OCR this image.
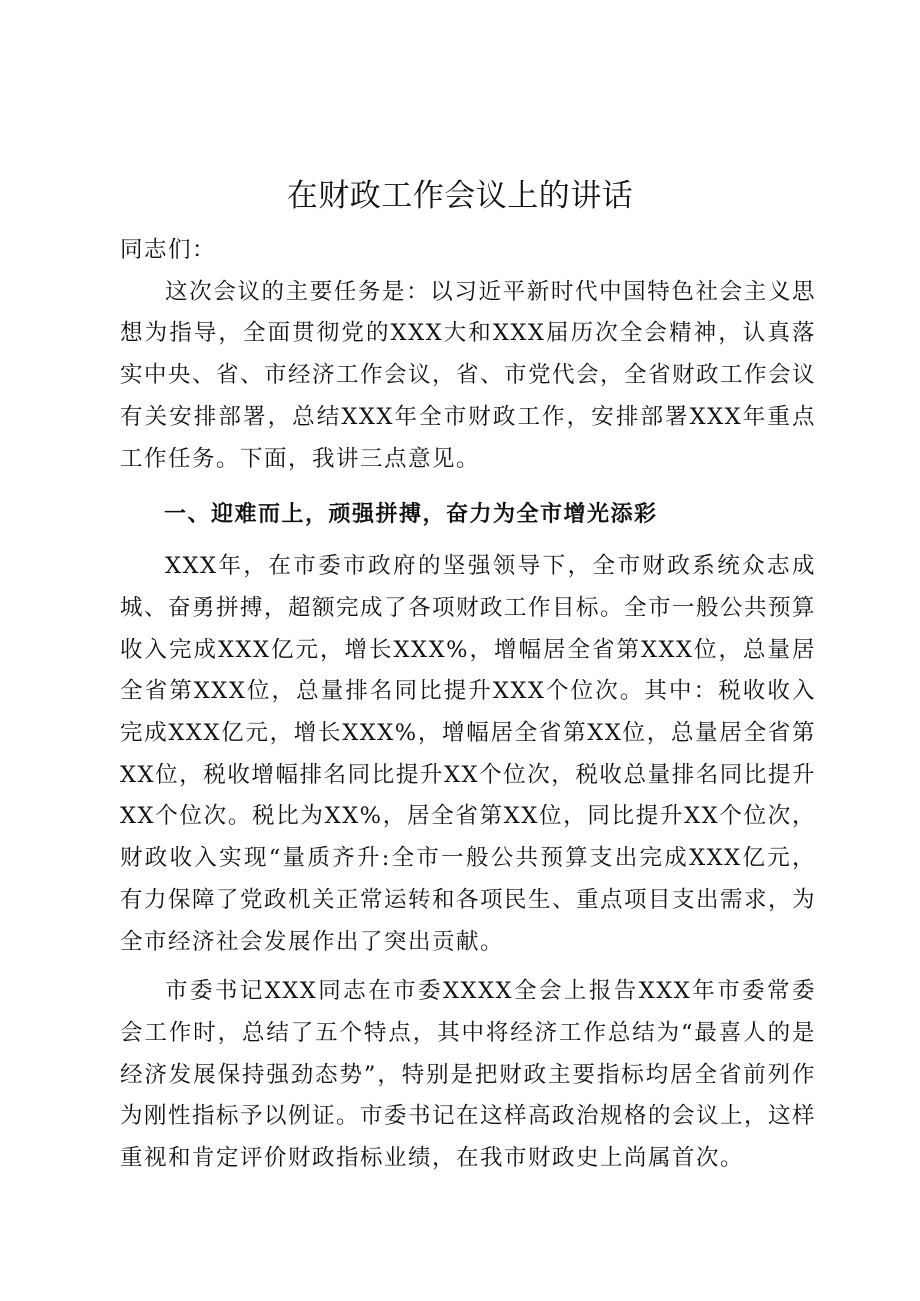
在财政工作会议上的讲话

同志们：

这次会议的主要任务是：以习近平新时代中国特色社会主义思想为指导，全面贯彻党的XXX大和XXX届历次全会精神，认真落实中央、省、市经济工作会议，省、市党代会，全省财政工作会议有关安排部署，总结XXX年全市财政工作，安排部署XXX年重点工作任务。下面，我讲三点意见。

一、迎难而上，顽强拼搏，奋力为全市增光添彩

XXX年，在市委市政府的坚强领导下，全市财政系统众志成城、奋勇拼搏，超额完成了各项财政工作目标。全市一般公共预算收入完成XXX亿元，增长XXX%，增幅居全省第XXX位，总量居全省第XXX位，总量排名同比提升XXX个位次。其中：税收收入完成XXX亿元，增长XXX%，增幅居全省第XX位，总量居全省第XX位，税收增幅排名同比提升XX个位次，税收总量排名同比提升XX个位次。税比为XX%，居全省第XX位，同比提升XX个位次，财政收入实现“量质齐升:全市一般公共预算支出完成XXX亿元，有力保障了党政机关正常运转和各项民生、重点项目支出需求，为全市经济社会发展作出了突出贡献。

市委书记XXX同志在市委XXXX全会上报告XXX年市委常委会工作时，总结了五个特点，其中将经济工作总结为“最喜人的是经济发展保持强劲态势”，特别是把财政主要指标均居全省前列作为刚性指标予以例证。市委书记在这样高政治规格的会议上，这样重视和肯定评价财政指标业绩，在我市财政史上尚属首次。
